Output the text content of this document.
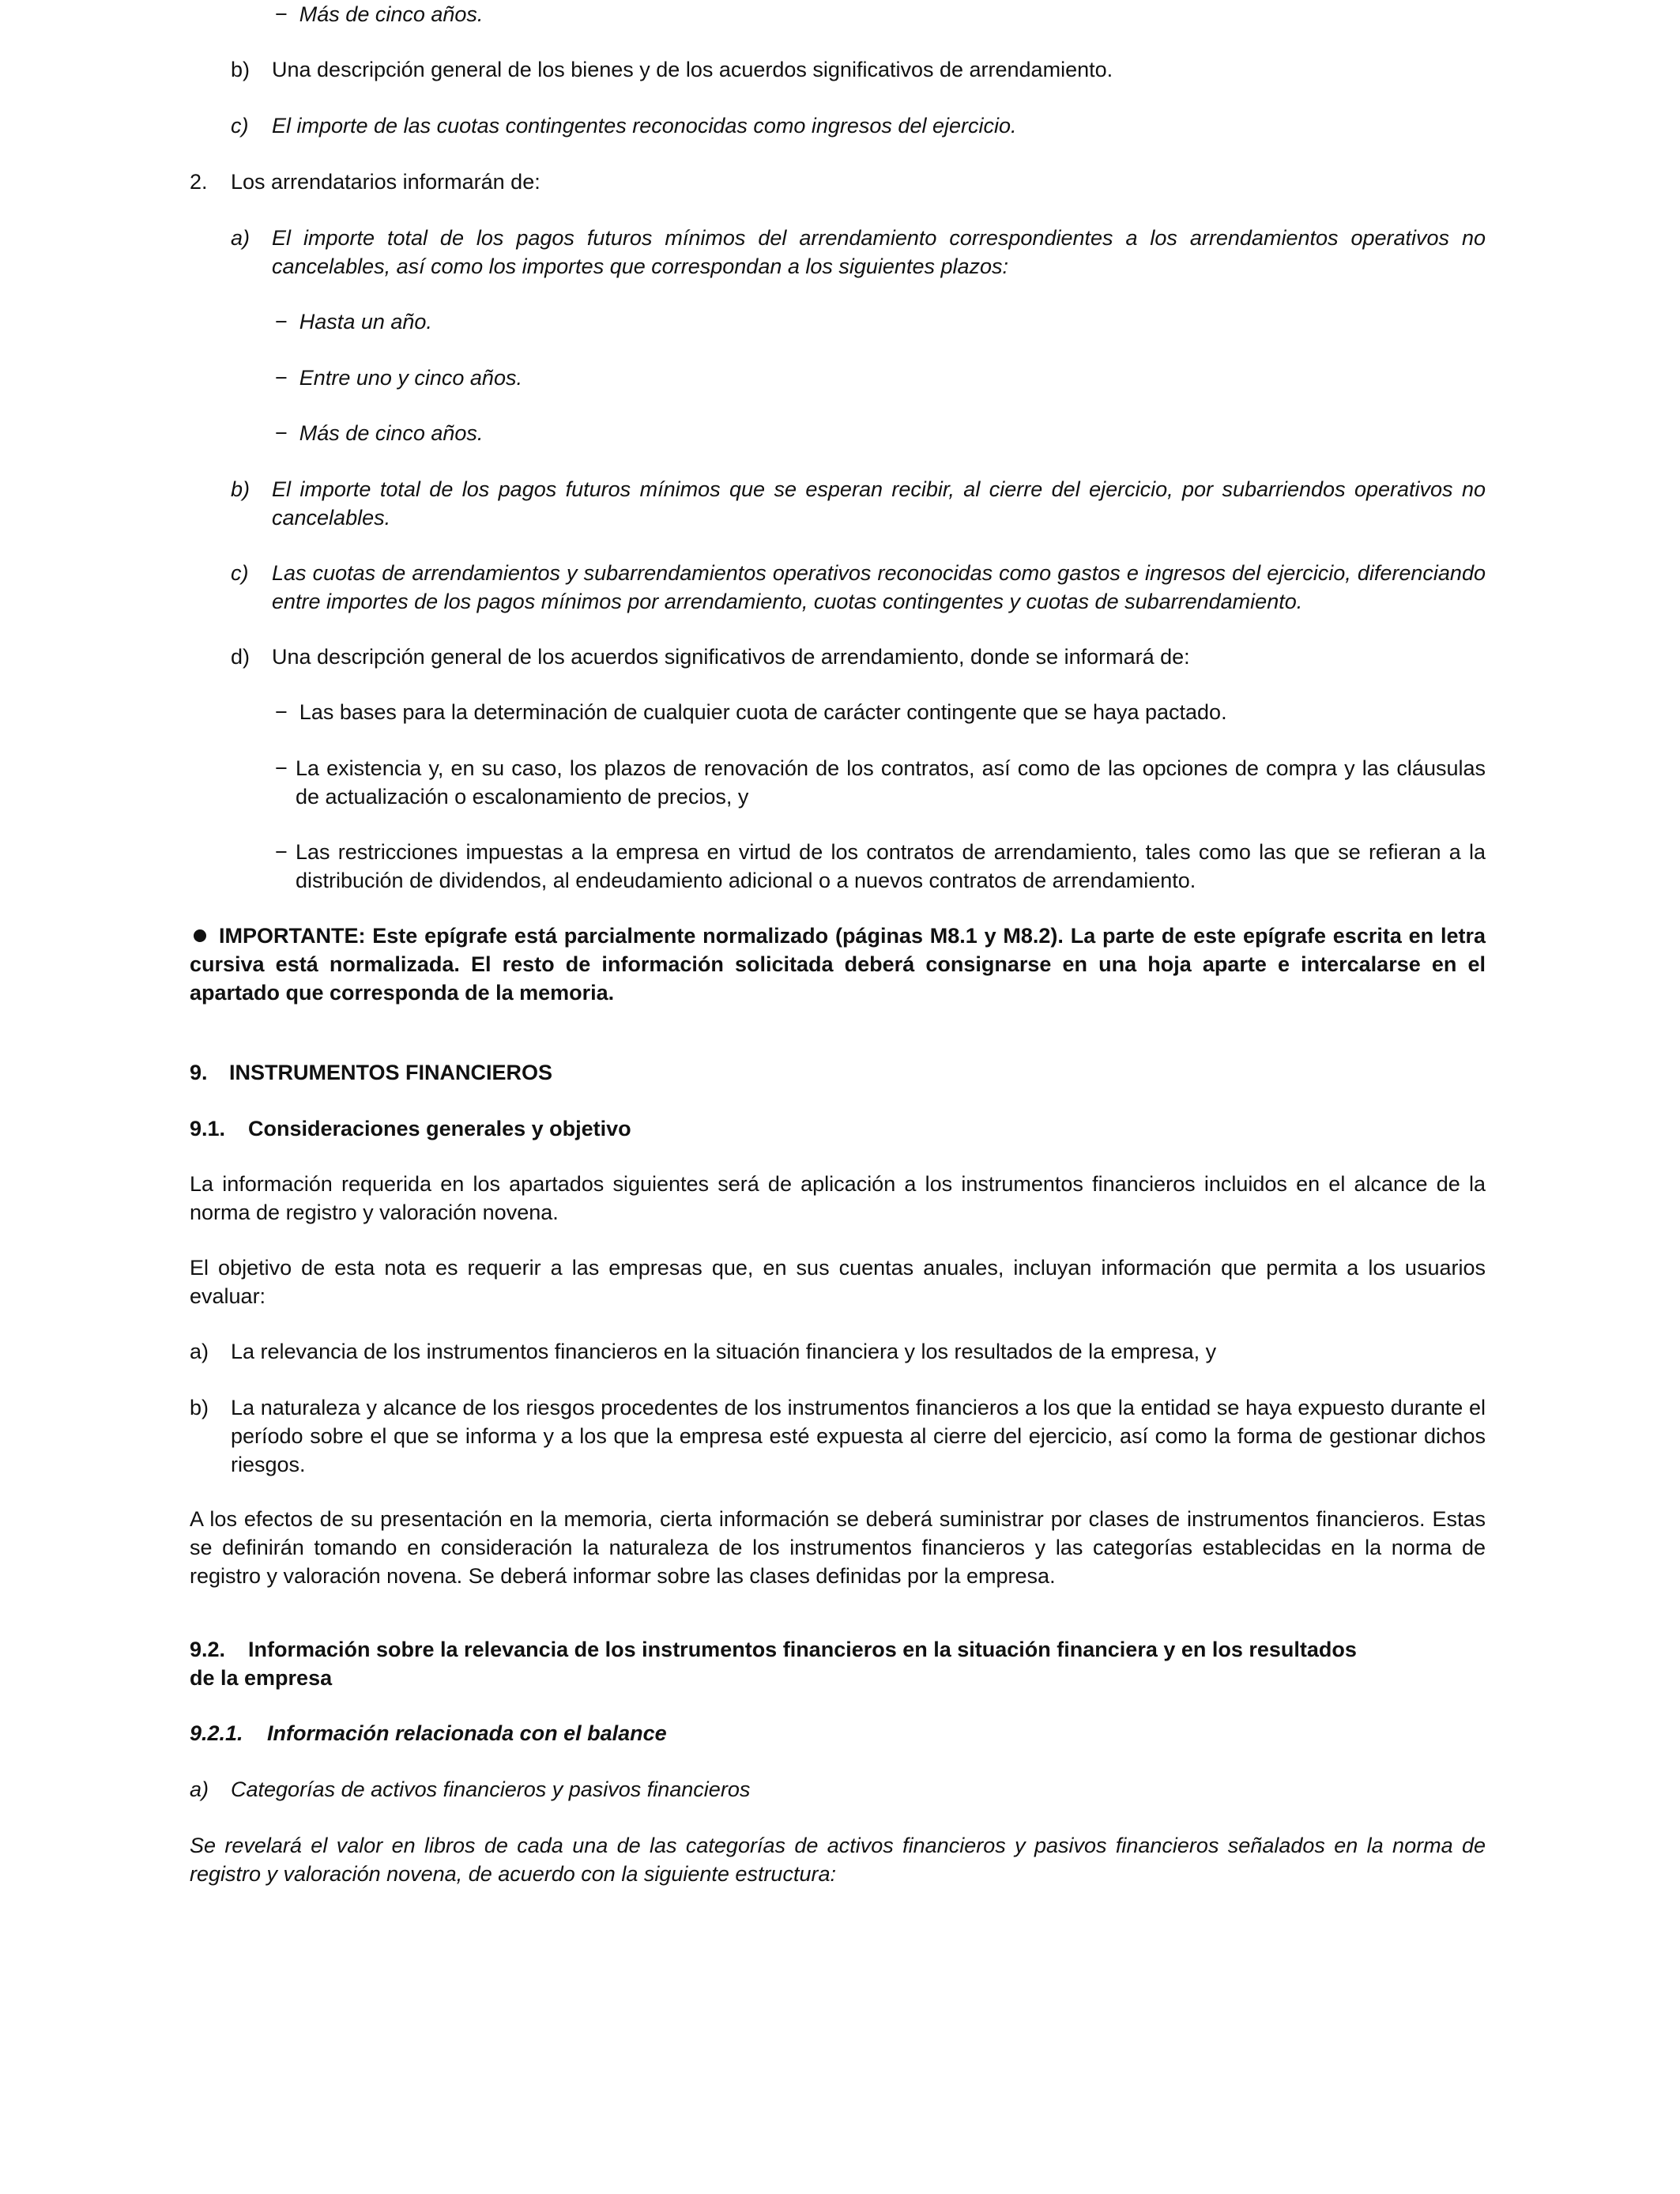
− Más de cinco años.
b) Una descripción general de los bienes y de los acuerdos significativos de arrendamiento.
c) El importe de las cuotas contingentes reconocidas como ingresos del ejercicio.
2. Los arrendatarios informarán de:
a) El importe total de los pagos futuros mínimos del arrendamiento correspondientes a los arrendamientos operativos no cancelables, así como los importes que correspondan a los siguientes plazos:
− Hasta un año.
− Entre uno y cinco años.
− Más de cinco años.
b) El importe total de los pagos futuros mínimos que se esperan recibir, al cierre del ejercicio, por subarriendos operativos no cancelables.
c) Las cuotas de arrendamientos y subarrendamientos operativos reconocidas como gastos e ingresos del ejercicio, diferenciando entre importes de los pagos mínimos por arrendamiento, cuotas contingentes y cuotas de subarrendamiento.
d) Una descripción general de los acuerdos significativos de arrendamiento, donde se informará de:
− Las bases para la determinación de cualquier cuota de carácter contingente que se haya pactado.
− La existencia y, en su caso, los plazos de renovación de los contratos, así como de las opciones de compra y las cláusulas de actualización o escalonamiento de precios, y
− Las restricciones impuestas a la empresa en virtud de los contratos de arrendamiento, tales como las que se refieran a la distribución de dividendos, al endeudamiento adicional o a nuevos contratos de arrendamiento.
IMPORTANTE: Este epígrafe está parcialmente normalizado (páginas M8.1 y M8.2). La parte de este epígrafe escrita en letra cursiva está normalizada. El resto de información solicitada deberá consignarse en una hoja aparte e intercalarse en el apartado que corresponda de la memoria.
9. INSTRUMENTOS FINANCIEROS
9.1. Consideraciones generales y objetivo
La información requerida en los apartados siguientes será de aplicación a los instrumentos financieros incluidos en el alcance de la norma de registro y valoración novena.
El objetivo de esta nota es requerir a las empresas que, en sus cuentas anuales, incluyan información que permita a los usuarios evaluar:
a) La relevancia de los instrumentos financieros en la situación financiera y los resultados de la empresa, y
b) La naturaleza y alcance de los riesgos procedentes de los instrumentos financieros a los que la entidad se haya expuesto durante el período sobre el que se informa y a los que la empresa esté expuesta al cierre del ejercicio, así como la forma de gestionar dichos riesgos.
A los efectos de su presentación en la memoria, cierta información se deberá suministrar por clases de instrumentos financieros. Estas se definirán tomando en consideración la naturaleza de los instrumentos financieros y las categorías establecidas en la norma de registro y valoración novena. Se deberá informar sobre las clases definidas por la empresa.
9.2. Información sobre la relevancia de los instrumentos financieros en la situación financiera y en los resultados
de la empresa
9.2.1. Información relacionada con el balance
a) Categorías de activos financieros y pasivos financieros
Se revelará el valor en libros de cada una de las categorías de activos financieros y pasivos financieros señalados en la norma de registro y valoración novena, de acuerdo con la siguiente estructura:
